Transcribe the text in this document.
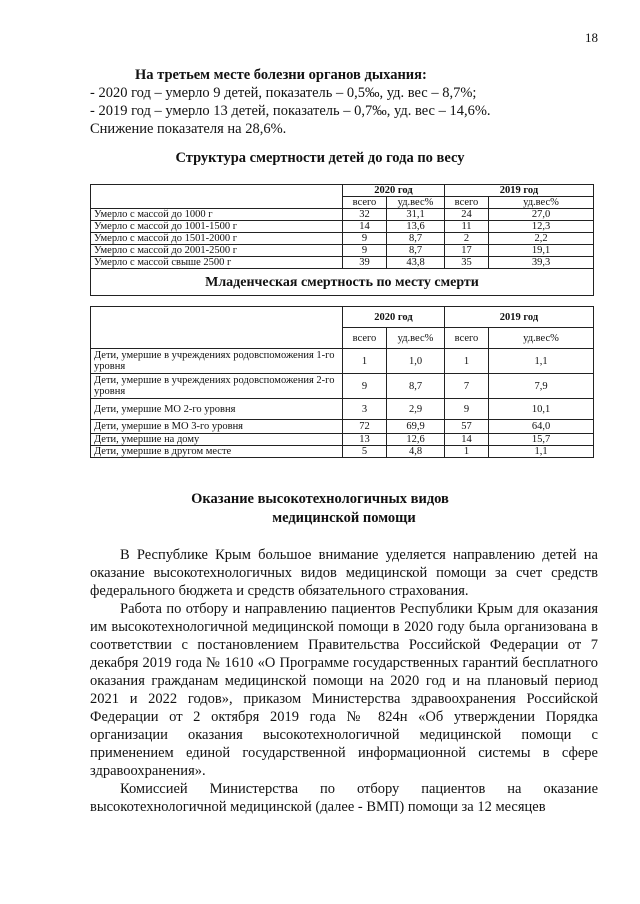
18
На третьем месте болезни органов дыхания:
- 2020 год – умерло 9 детей, показатель – 0,5‰, уд. вес – 8,7%;
- 2019 год – умерло 13 детей, показатель – 0,7‰, уд. вес – 14,6%.
Снижение показателя на 28,6%.
Структура смертности детей до года по весу
	2020 год		2019 год	
	всего	уд.вес%	всего	уд.вес%
Умерло с массой до 1000 г	32	31,1	24	27,0
Умерло с массой до 1001-1500 г	14	13,6	11	12,3
Умерло с массой до 1501-2000 г	9	8,7	2	2,2
Умерло с массой до 2001-2500 г	9	8,7	17	19,1
Умерло с массой свыше 2500 г	39	43,8	35	39,3
Младенческая смертность по месту смерти				
	2020 год		2019 год	
	всего	уд.вес%	всего	уд.вес%
Дети, умершие в учреждениях родовспоможения 1-го уровня	1	1,0	1	1,1
Дети, умершие в учреждениях родовспоможения 2-го уровня	9	8,7	7	7,9
Дети, умершие МО 2-го уровня	3	2,9	9	10,1
Дети, умершие в МО 3-го уровня	72	69,9	57	64,0
Дети, умершие на дому	13	12,6	14	15,7
Дети, умершие в другом месте	5	4,8	1	1,1
Оказание высокотехнологичных видов
медицинской помощи

В Республике Крым большое внимание уделяется направлению детей на оказание высокотехнологичных видов медицинской помощи за счет средств федерального бюджета и средств обязательного страхования.

Работа по отбору и направлению пациентов Республики Крым для оказания им высокотехнологичной медицинской помощи в 2020 году была организована в соответствии с постановлением Правительства Российской Федерации от 7 декабря 2019 года № 1610 «О Программе государственных гарантий бесплатного оказания гражданам медицинской помощи на 2020 год и на плановый период 2021 и 2022 годов», приказом Министерства здравоохранения Российской Федерации от 2 октября 2019 года № 824н «Об утверждении Порядка организации оказания высокотехнологичной медицинской помощи с применением единой государственной информационной системы в сфере здравоохранения».

Комиссией Министерства по отбору пациентов на оказание высокотехнологичной медицинской (далее - ВМП) помощи за 12 месяцев
